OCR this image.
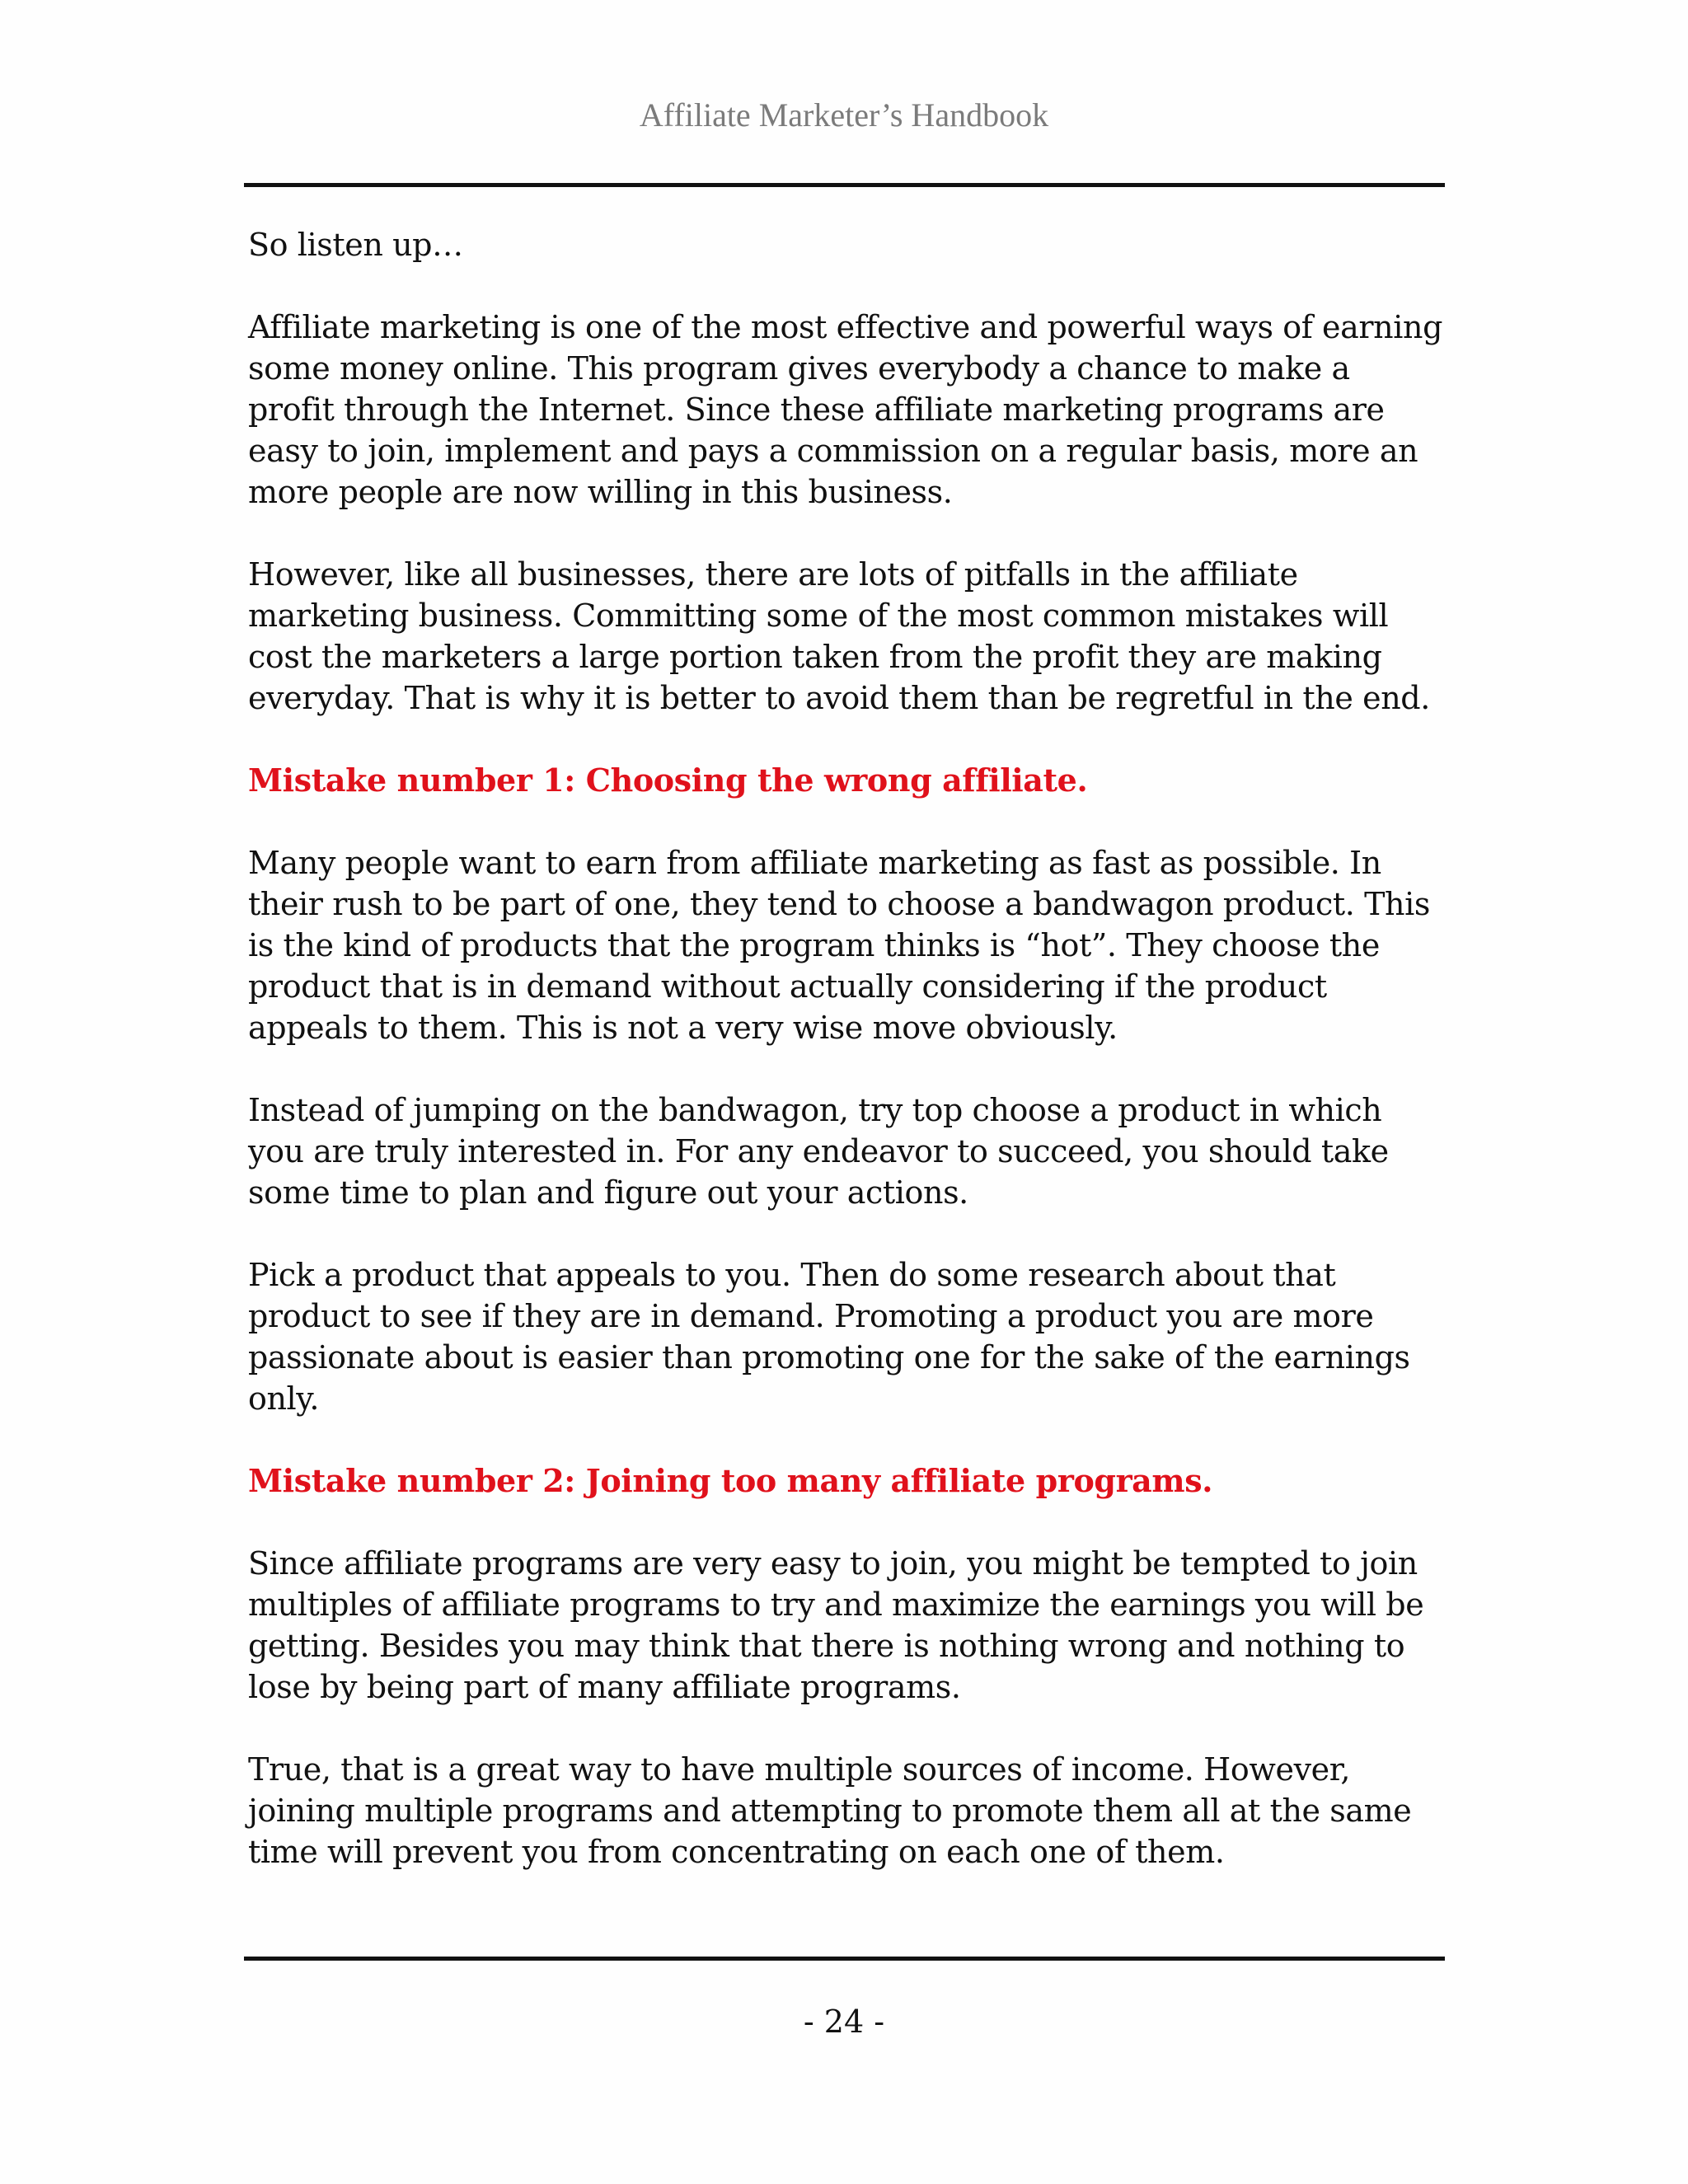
Affiliate Marketer’s Handbook

So listen up…

Affiliate marketing is one of the most effective and powerful ways of earning some money online. This program gives everybody a chance to make a profit through the Internet. Since these affiliate marketing programs are easy to join, implement and pays a commission on a regular basis, more an more people are now willing in this business.

However, like all businesses, there are lots of pitfalls in the affiliate marketing business. Committing some of the most common mistakes will cost the marketers a large portion taken from the profit they are making everyday. That is why it is better to avoid them than be regretful in the end.

Mistake number 1: Choosing the wrong affiliate.

Many people want to earn from affiliate marketing as fast as possible. In their rush to be part of one, they tend to choose a bandwagon product. This is the kind of products that the program thinks is “hot”. They choose the product that is in demand without actually considering if the product appeals to them. This is not a very wise move obviously.

Instead of jumping on the bandwagon, try top choose a product in which you are truly interested in. For any endeavor to succeed, you should take some time to plan and figure out your actions.

Pick a product that appeals to you. Then do some research about that product to see if they are in demand. Promoting a product you are more passionate about is easier than promoting one for the sake of the earnings only.

Mistake number 2: Joining too many affiliate programs.

Since affiliate programs are very easy to join, you might be tempted to join multiples of affiliate programs to try and maximize the earnings you will be getting. Besides you may think that there is nothing wrong and nothing to lose by being part of many affiliate programs.

True, that is a great way to have multiple sources of income. However, joining multiple programs and attempting to promote them all at the same time will prevent you from concentrating on each one of them.

- 24 -
